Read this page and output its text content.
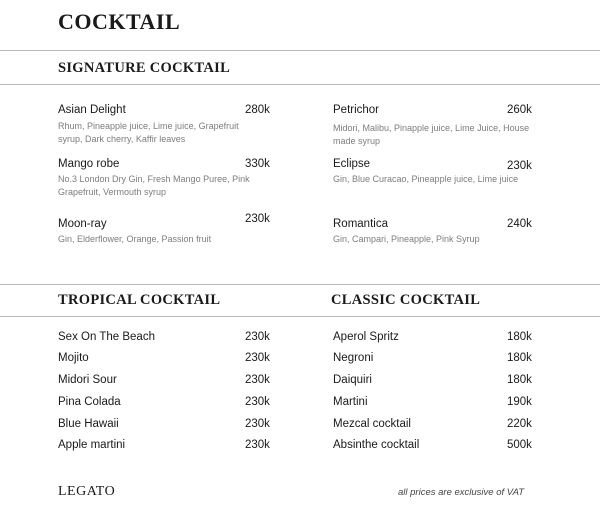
COCKTAIL
SIGNATURE COCKTAIL
Asian Delight	280k
Rhum, Pineapple juice, Lime juice, Grapefruit syrup, Dark cherry, Kaffir leaves
Mango robe	330k
No.3 London Dry Gin, Fresh Mango Puree, Pink Grapefruit, Vermouth syrup
Moon-ray	230k
Gin, Elderflower, Orange, Passion fruit
Petrichor	260k
Midori, Malibu, Pinapple juice, Lime Juice, House made syrup
Eclipse	230k
Gin, Blue Curacao, Pineapple juice, Lime juice
Romantica	240k
Gin, Campari, Pineapple, Pink Syrup
TROPICAL COCKTAIL	CLASSIC COCKTAIL
Sex On The Beach	230k
Mojito	230k
Midori Sour	230k
Pina Colada	230k
Blue Hawaii	230k
Apple martini	230k
Aperol Spritz	180k
Negroni	180k
Daiquiri	180k
Martini	190k
Mezcal cocktail	220k
Absinthe cocktail	500k
LEGATO	all prices are exclusive of VAT
